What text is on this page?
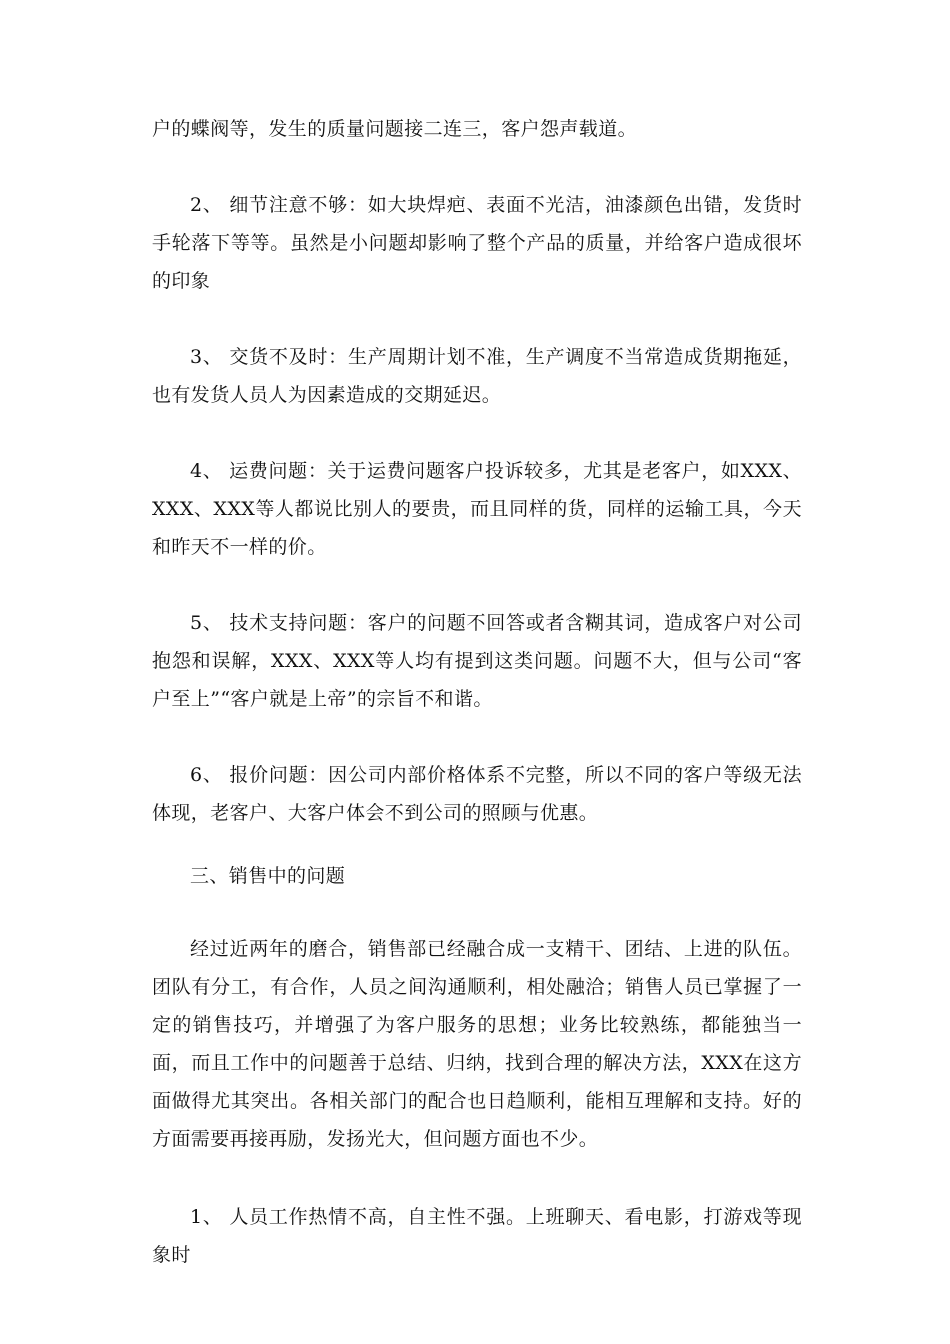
户的蝶阀等，发生的质量问题接二连三，客户怨声载道。

2、 细节注意不够：如大块焊疤、表面不光洁，油漆颜色出错，发货时手轮落下等等。虽然是小问题却影响了整个产品的质量，并给客户造成很坏的印象

3、 交货不及时：生产周期计划不准，生产调度不当常造成货期拖延，也有发货人员人为因素造成的交期延迟。

4、 运费问题：关于运费问题客户投诉较多，尤其是老客户，如XXX、XXX、XXX等人都说比别人的要贵，而且同样的货，同样的运输工具，今天和昨天不一样的价。

5、 技术支持问题：客户的问题不回答或者含糊其词，造成客户对公司抱怨和误解，XXX、XXX等人均有提到这类问题。问题不大，但与公司“客户至上”“客户就是上帝”的宗旨不和谐。

6、 报价问题：因公司内部价格体系不完整，所以不同的客户等级无法体现，老客户、大客户体会不到公司的照顾与优惠。

三、销售中的问题

经过近两年的磨合，销售部已经融合成一支精干、团结、上进的队伍。团队有分工，有合作，人员之间沟通顺利，相处融洽；销售人员已掌握了一定的销售技巧，并增强了为客户服务的思想；业务比较熟练，都能独当一面，而且工作中的问题善于总结、归纳，找到合理的解决方法，XXX在这方面做得尤其突出。各相关部门的配合也日趋顺利，能相互理解和支持。好的方面需要再接再励，发扬光大，但问题方面也不少。

1、 人员工作热情不高，自主性不强。上班聊天、看电影，打游戏等现象时
